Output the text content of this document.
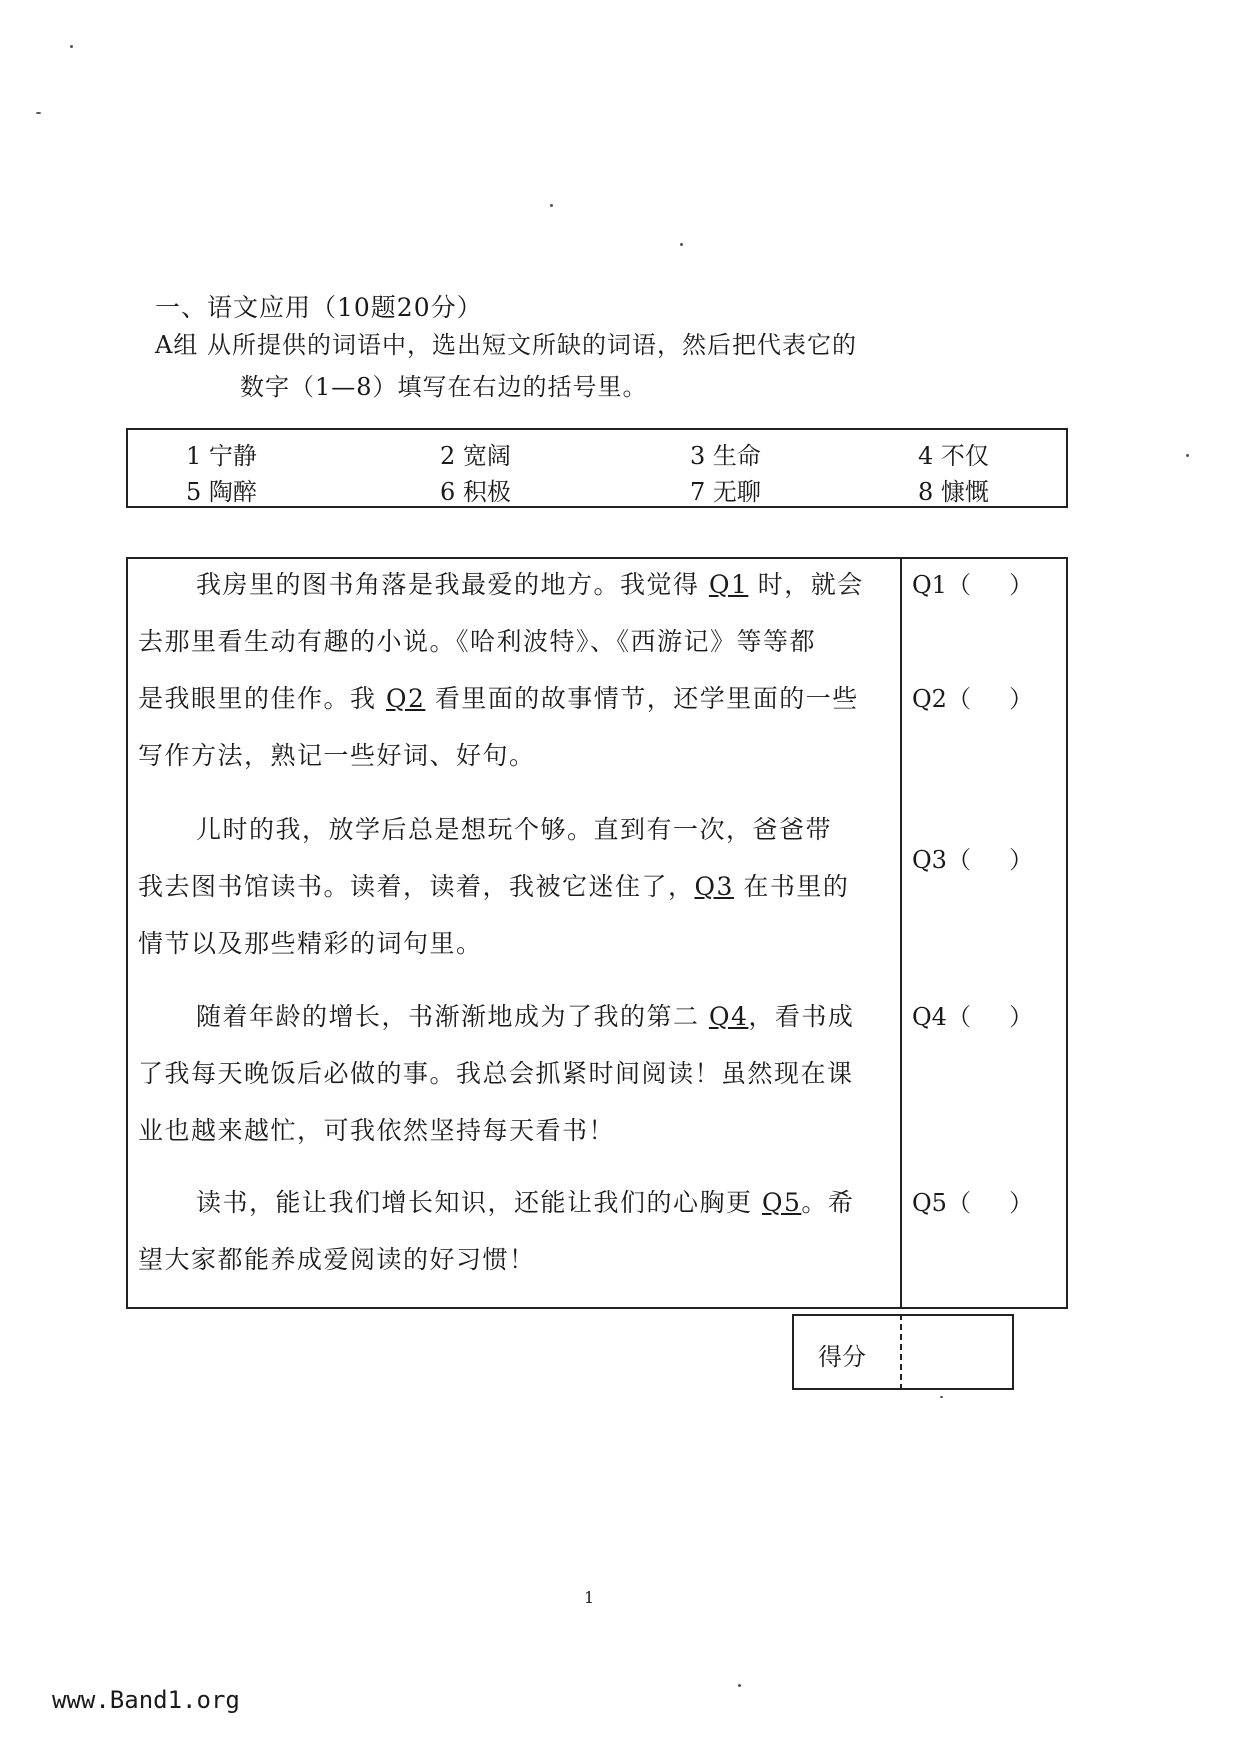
一、语文应用（10题20分）
A组 从所提供的词语中，选出短文所缺的词语，然后把代表它的
数字（1—8）填写在右边的括号里。
1 宁静	2 宽阔	3 生命	4 不仅
5 陶醉	6 积极	7 无聊	8 慷慨
我房里的图书角落是我最爱的地方。我觉得 Q1 时，就会
去那里看生动有趣的小说。《哈利波特》、《西游记》等等都
是我眼里的佳作。我 Q2 看里面的故事情节，还学里面的一些
写作方法，熟记一些好词、好句。
儿时的我，放学后总是想玩个够。直到有一次，爸爸带
我去图书馆读书。读着，读着，我被它迷住了，Q3 在书里的
情节以及那些精彩的词句里。
随着年龄的增长，书渐渐地成为了我的第二 Q4，看书成
了我每天晚饭后必做的事。我总会抓紧时间阅读！虽然现在课
业也越来越忙，可我依然坚持每天看书！
读书，能让我们增长知识，还能让我们的心胸更 Q5。希
望大家都能养成爱阅读的好习惯！
Q1（     ）
Q2（     ）
Q3（     ）
Q4（     ）
Q5（     ）
得分
1
www.Band1.org
